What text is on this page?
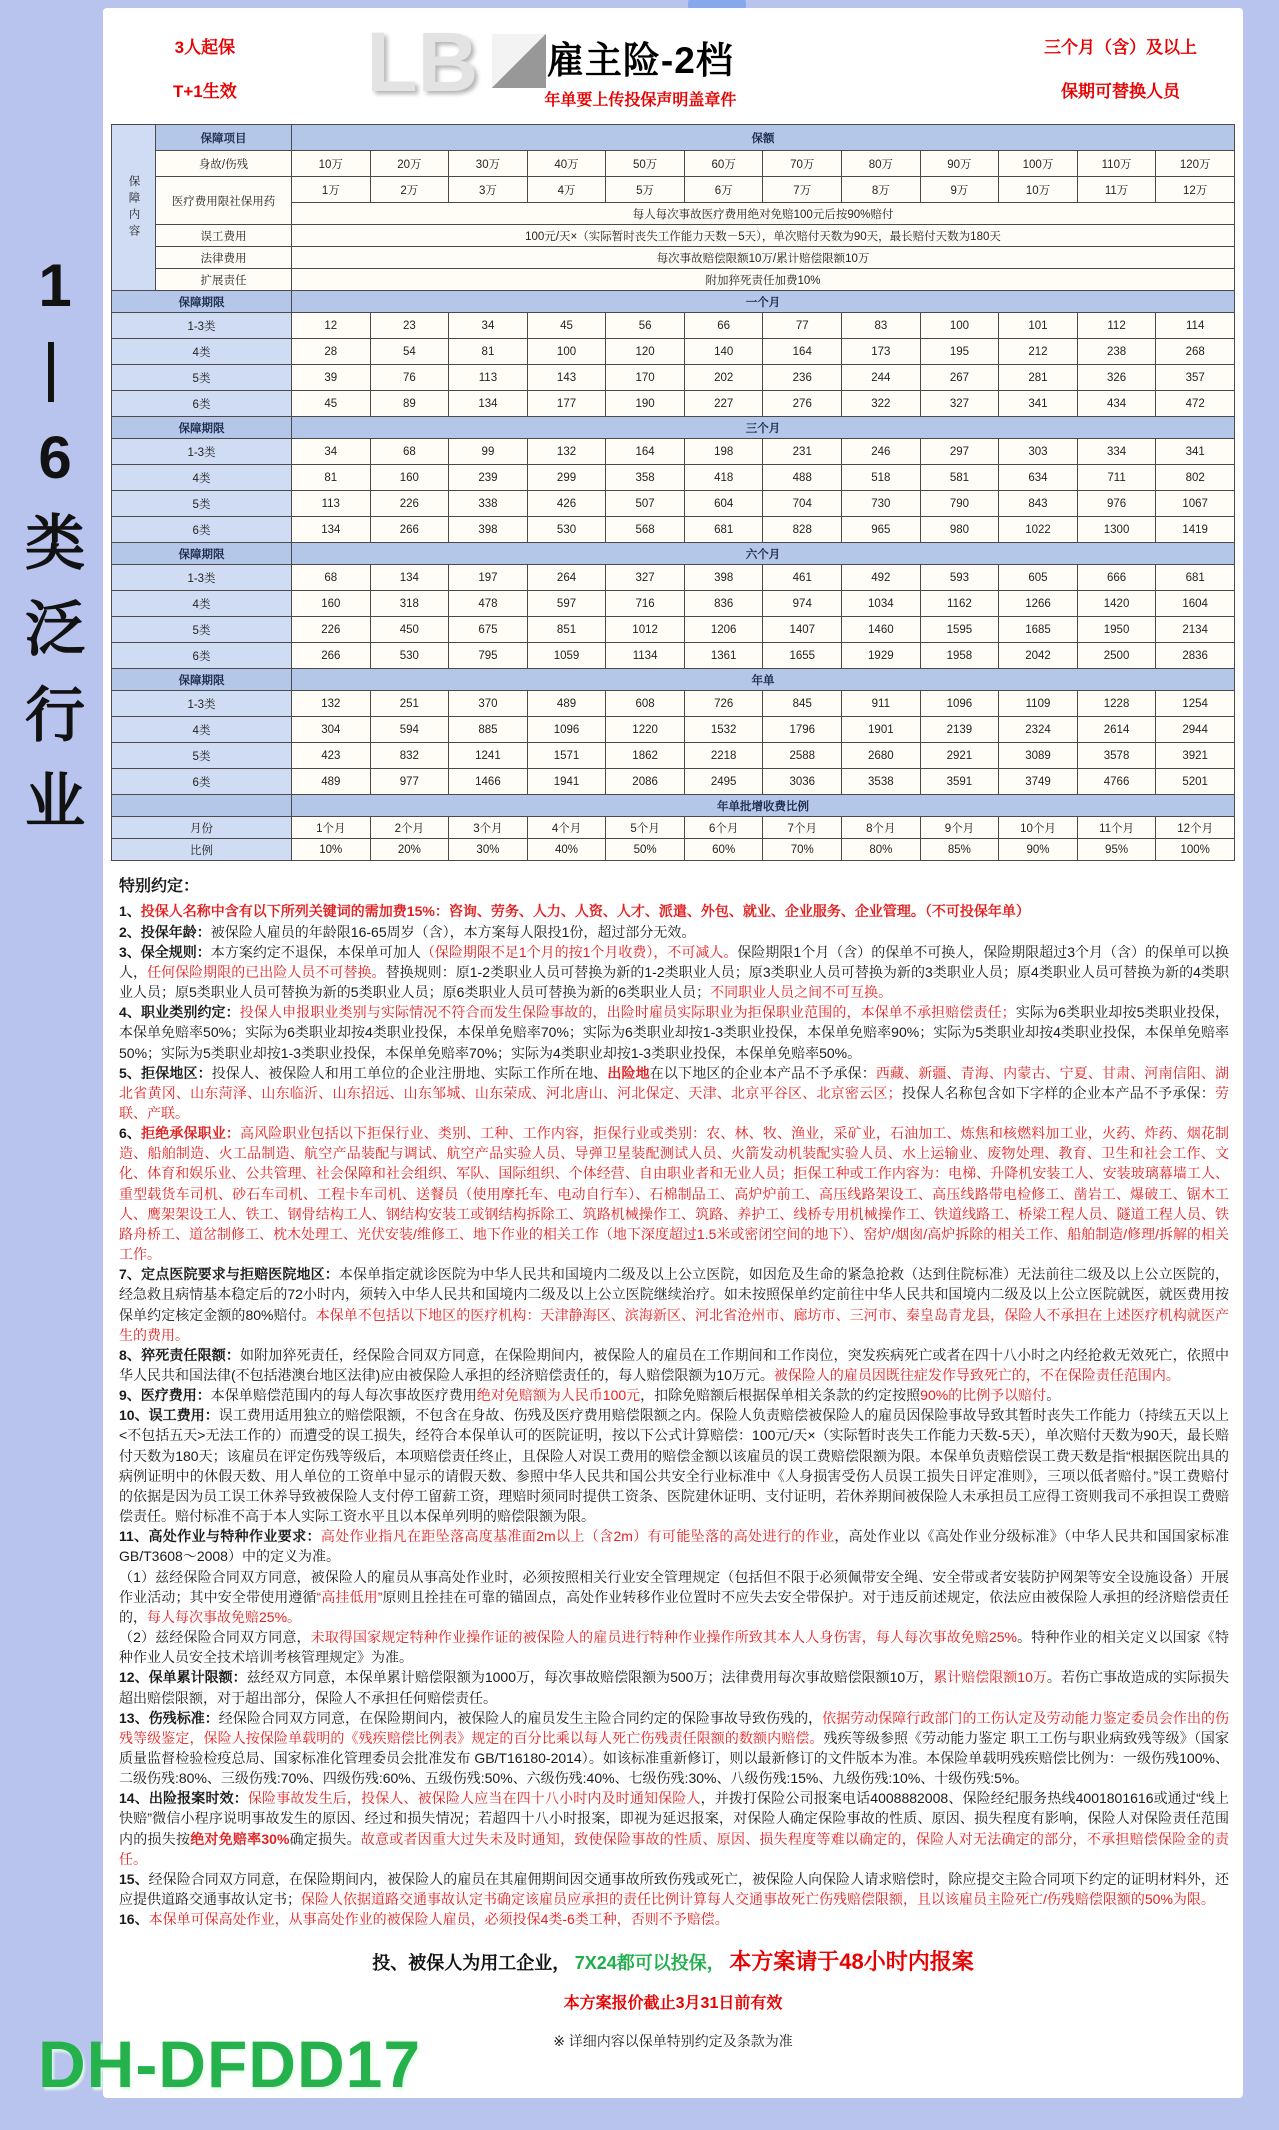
1
—
6
类
泛
行
业
3人起保
T+1生效 LB 雇主险-2档
年单要上传投保声明盖章件
三个月（含）及以上
保期可替换人员
保障内容	保障项目	保额											
	身故/伤残	10万	20万	30万	40万	50万	60万	70万	80万	90万	100万	110万	120万
	医疗费用限社保用药	1万	2万	3万	4万	5万	6万	7万	8万	9万	10万	11万	12万
		每人每次事故医疗费用绝对免赔100元后按90%赔付											
	误工费用	100元/天×（实际暂时丧失工作能力天数－5天），单次赔付天数为90天，最长赔付天数为180天											
	法律费用	每次事故赔偿限额10万/累计赔偿限额10万											
	扩展责任	附加猝死责任加费10%											
保障期限		一个月											
1-3类		12	23	34	45	56	66	77	83	100	101	112	114
4类		28	54	81	100	120	140	164	173	195	212	238	268
5类		39	76	113	143	170	202	236	244	267	281	326	357
6类		45	89	134	177	190	227	276	322	327	341	434	472
保障期限		三个月											
1-3类		34	68	99	132	164	198	231	246	297	303	334	341
4类		81	160	239	299	358	418	488	518	581	634	711	802
5类		113	226	338	426	507	604	704	730	790	843	976	1067
6类		134	266	398	530	568	681	828	965	980	1022	1300	1419
保障期限		六个月											
1-3类		68	134	197	264	327	398	461	492	593	605	666	681
4类		160	318	478	597	716	836	974	1034	1162	1266	1420	1604
5类		226	450	675	851	1012	1206	1407	1460	1595	1685	1950	2134
6类		266	530	795	1059	1134	1361	1655	1929	1958	2042	2500	2836
保障期限		年单											
1-3类		132	251	370	489	608	726	845	911	1096	1109	1228	1254
4类		304	594	885	1096	1220	1532	1796	1901	2139	2324	2614	2944
5类		423	832	1241	1571	1862	2218	2588	2680	2921	3089	3578	3921
6类		489	977	1466	1941	2086	2495	3036	3538	3591	3749	4766	5201
		年单批增收费比例											
月份		1个月	2个月	3个月	4个月	5个月	6个月	7个月	8个月	9个月	10个月	11个月	12个月
比例		10%	20%	30%	40%	50%	60%	70%	80%	85%	90%	95%	100%
特别约定：

1、投保人名称中含有以下所列关键词的需加费15%：咨询、劳务、人力、人资、人才、派遣、外包、就业、企业服务、企业管理。（不可投保年单）

2、投保年龄：被保险人雇员的年龄限16-65周岁（含），本方案每人限投1份，超过部分无效。

3、保全规则：本方案约定不退保，本保单可加人（保险期限不足1个月的按1个月收费），不可减人。保险期限1个月（含）的保单不可换人，保险期限超过3个月（含）的保单可以换人，任何保险期限的已出险人员不可替换。替换规则：原1-2类职业人员可替换为新的1-2类职业人员；原3类职业人员可替换为新的3类职业人员；原4类职业人员可替换为新的4类职业人员；原5类职业人员可替换为新的5类职业人员；原6类职业人员可替换为新的6类职业人员；不同职业人员之间不可互换。

4、职业类别约定：投保人申报职业类别与实际情况不符合而发生保险事故的，出险时雇员实际职业为拒保职业范围的，本保单不承担赔偿责任；实际为6类职业却按5类职业投保，本保单免赔率50%；实际为6类职业却按4类职业投保，本保单免赔率70%；实际为6类职业却按1-3类职业投保，本保单免赔率90%；实际为5类职业却按4类职业投保，本保单免赔率50%；实际为5类职业却按1-3类职业投保，本保单免赔率70%；实际为4类职业却按1-3类职业投保，本保单免赔率50%。

5、拒保地区：投保人、被保险人和用工单位的企业注册地、实际工作所在地、出险地在以下地区的企业本产品不予承保：西藏、新疆、青海、内蒙古、宁夏、甘肃、河南信阳、湖北省黄冈、山东菏泽、山东临沂、山东招远、山东邹城、山东荣成、河北唐山、河北保定、天津、北京平谷区、北京密云区；投保人名称包含如下字样的企业本产品不予承保：劳联、产联。

6、拒绝承保职业：高风险职业包括以下拒保行业、类别、工种、工作内容，拒保行业或类别：农、林、牧、渔业，采矿业，石油加工、炼焦和核燃料加工业，火药、炸药、烟花制造、船舶制造、火工品制造、航空产品装配与调试、航空产品实验人员、导弹卫星装配测试人员、火箭发动机装配实验人员、水上运输业、废物处理、教育、卫生和社会工作、文化、体育和娱乐业、公共管理、社会保障和社会组织、军队、国际组织、个体经营、自由职业者和无业人员；拒保工种或工作内容为：电梯、升降机安装工人、安装玻璃幕墙工人、重型载货车司机、砂石车司机、工程卡车司机、送餐员（使用摩托车、电动自行车）、石棉制品工、高炉炉前工、高压线路架设工、高压线路带电检修工、凿岩工、爆破工、锯木工人、鹰架架设工人、铁工、钢骨结构工人、钢结构安装工或钢结构拆除工、筑路机械操作工、筑路、养护工、线桥专用机械操作工、铁道线路工、桥梁工程人员、隧道工程人员、铁路舟桥工、道岔制修工、枕木处理工、光伏安装/维修工、地下作业的相关工作（地下深度超过1.5米或密闭空间的地下）、窑炉/烟囱/高炉拆除的相关工作、船舶制造/修理/拆解的相关工作。

7、定点医院要求与拒赔医院地区：本保单指定就诊医院为中华人民共和国境内二级及以上公立医院，如因危及生命的紧急抢救（达到住院标准）无法前往二级及以上公立医院的，经急救且病情基本稳定后的72小时内，须转入中华人民共和国境内二级及以上公立医院继续治疗。如未按照保单约定前往中华人民共和国境内二级及以上公立医院就医，就医费用按保单约定核定金额的80%赔付。本保单不包括以下地区的医疗机构：天津静海区、滨海新区、河北省沧州市、廊坊市、三河市、秦皇岛青龙县，保险人不承担在上述医疗机构就医产生的费用。

8、猝死责任限额：如附加猝死责任，经保险合同双方同意，在保险期间内，被保险人的雇员在工作期间和工作岗位，突发疾病死亡或者在四十八小时之内经抢救无效死亡，依照中华人民共和国法律(不包括港澳台地区法律)应由被保险人承担的经济赔偿责任的，每人赔偿限额为10万元。被保险人的雇员因既往症发作导致死亡的，不在保险责任范围内。

9、医疗费用：本保单赔偿范围内的每人每次事故医疗费用绝对免赔额为人民币100元，扣除免赔额后根据保单相关条款的约定按照90%的比例予以赔付。

10、误工费用：误工费用适用独立的赔偿限额，不包含在身故、伤残及医疗费用赔偿限额之内。保险人负责赔偿被保险人的雇员因保险事故导致其暂时丧失工作能力（持续五天以上<不包括五天>无法工作的）而遭受的误工损失，经符合本保单认可的医院证明，按以下公式计算赔偿：100元/天×（实际暂时丧失工作能力天数-5天），单次赔付天数为90天，最长赔付天数为180天；该雇员在评定伤残等级后，本项赔偿责任终止，且保险人对误工费用的赔偿金额以该雇员的误工费赔偿限额为限。本保单负责赔偿误工费天数是指“根据医院出具的病例证明中的休假天数、用人单位的工资单中显示的请假天数、参照中华人民共和国公共安全行业标准中《人身损害受伤人员误工损失日评定准则》，三项以低者赔付。”误工费赔付的依据是因为员工误工休养导致被保险人支付停工留薪工资，理赔时须同时提供工资条、医院建休证明、支付证明，若休养期间被保险人未承担员工应得工资则我司不承担误工费赔偿责任。赔付标准不高于本人实际工资水平且以本保单列明的赔偿限额为限。

11、高处作业与特种作业要求：高处作业指凡在距坠落高度基准面2m以上（含2m）有可能坠落的高处进行的作业，高处作业以《高处作业分级标准》（中华人民共和国国家标准GB/T3608～2008）中的定义为准。

（1）兹经保险合同双方同意，被保险人的雇员从事高处作业时，必须按照相关行业安全管理规定（包括但不限于必须佩带安全绳、安全带或者安装防护网架等安全设施设备）开展作业活动；其中安全带使用遵循“高挂低用”原则且拴挂在可靠的锚固点，高处作业转移作业位置时不应失去安全带保护。对于违反前述规定，依法应由被保险人承担的经济赔偿责任的，每人每次事故免赔25%。

（2）兹经保险合同双方同意，未取得国家规定特种作业操作证的被保险人的雇员进行特种作业操作所致其本人人身伤害，每人每次事故免赔25%。特种作业的相关定义以国家《特种作业人员安全技术培训考核管理规定》为准。

12、保单累计限额：兹经双方同意，本保单累计赔偿限额为1000万，每次事故赔偿限额为500万；法律费用每次事故赔偿限额10万，累计赔偿限额10万。若伤亡事故造成的实际损失超出赔偿限额，对于超出部分，保险人不承担任何赔偿责任。

13、伤残标准：经保险合同双方同意，在保险期间内，被保险人的雇员发生主险合同约定的保险事故导致伤残的，依据劳动保障行政部门的工伤认定及劳动能力鉴定委员会作出的伤残等级鉴定，保险人按保险单载明的《残疾赔偿比例表》规定的百分比乘以每人死亡伤残责任限额的数额内赔偿。残疾等级参照《劳动能力鉴定 职工工伤与职业病致残等级》（国家质量监督检验检疫总局、国家标准化管理委员会批准发布 GB/T16180-2014）。如该标准重新修订，则以最新修订的文件版本为准。本保险单载明残疾赔偿比例为：一级伤残100%、二级伤残:80%、三级伤残:70%、四级伤残:60%、五级伤残:50%、六级伤残:40%、七级伤残:30%、八级伤残:15%、九级伤残:10%、十级伤残:5%。

14、出险报案时效：保险事故发生后，投保人、被保险人应当在四十八小时内及时通知保险人，并拨打保险公司报案电话4008882008、保险经纪服务热线4001801616或通过“线上快赔”微信小程序说明事故发生的原因、经过和损失情况；若超四十八小时报案，即视为延迟报案，对保险人确定保险事故的性质、原因、损失程度有影响，保险人对保险责任范围内的损失按绝对免赔率30%确定损失。故意或者因重大过失未及时通知，致使保险事故的性质、原因、损失程度等难以确定的，保险人对无法确定的部分，不承担赔偿保险金的责任。

15、经保险合同双方同意，在保险期间内，被保险人的雇员在其雇佣期间因交通事故所致伤残或死亡，被保险人向保险人请求赔偿时，除应提交主险合同项下约定的证明材料外，还应提供道路交通事故认定书；保险人依据道路交通事故认定书确定该雇员应承担的责任比例计算每人交通事故死亡伤残赔偿限额，且以该雇员主险死亡/伤残赔偿限额的50%为限。

16、本保单可保高处作业，从事高处作业的被保险人雇员，必须投保4类-6类工种，否则不予赔偿。

投、被保人为用工企业， 7X24都可以投保， 本方案请于48小时内报案
本方案报价截止3月31日前有效
※ 详细内容以保单特别约定及条款为准
DH-DFDD17
